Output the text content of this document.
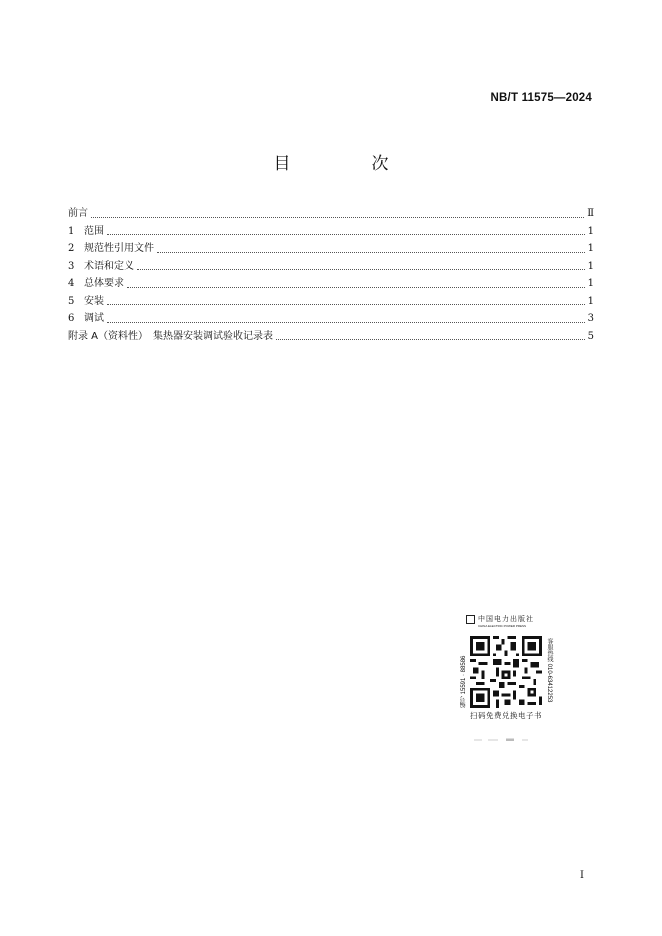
NB/T 11575—2024
目　次
前言	Ⅱ
1 范围	1
2 规范性引用文件	1
3 术语和定义	1
4 总体要求	1
5 安装	1
6 调试	3
附录 A（资料性）　集热器安装调试验收记录表	5
中国电力出版社
CHINA ELECTRIC POWER PRESS
编号 15591 · 88586	客服热线 010-63412253
扫码免费兑换电子书
I
